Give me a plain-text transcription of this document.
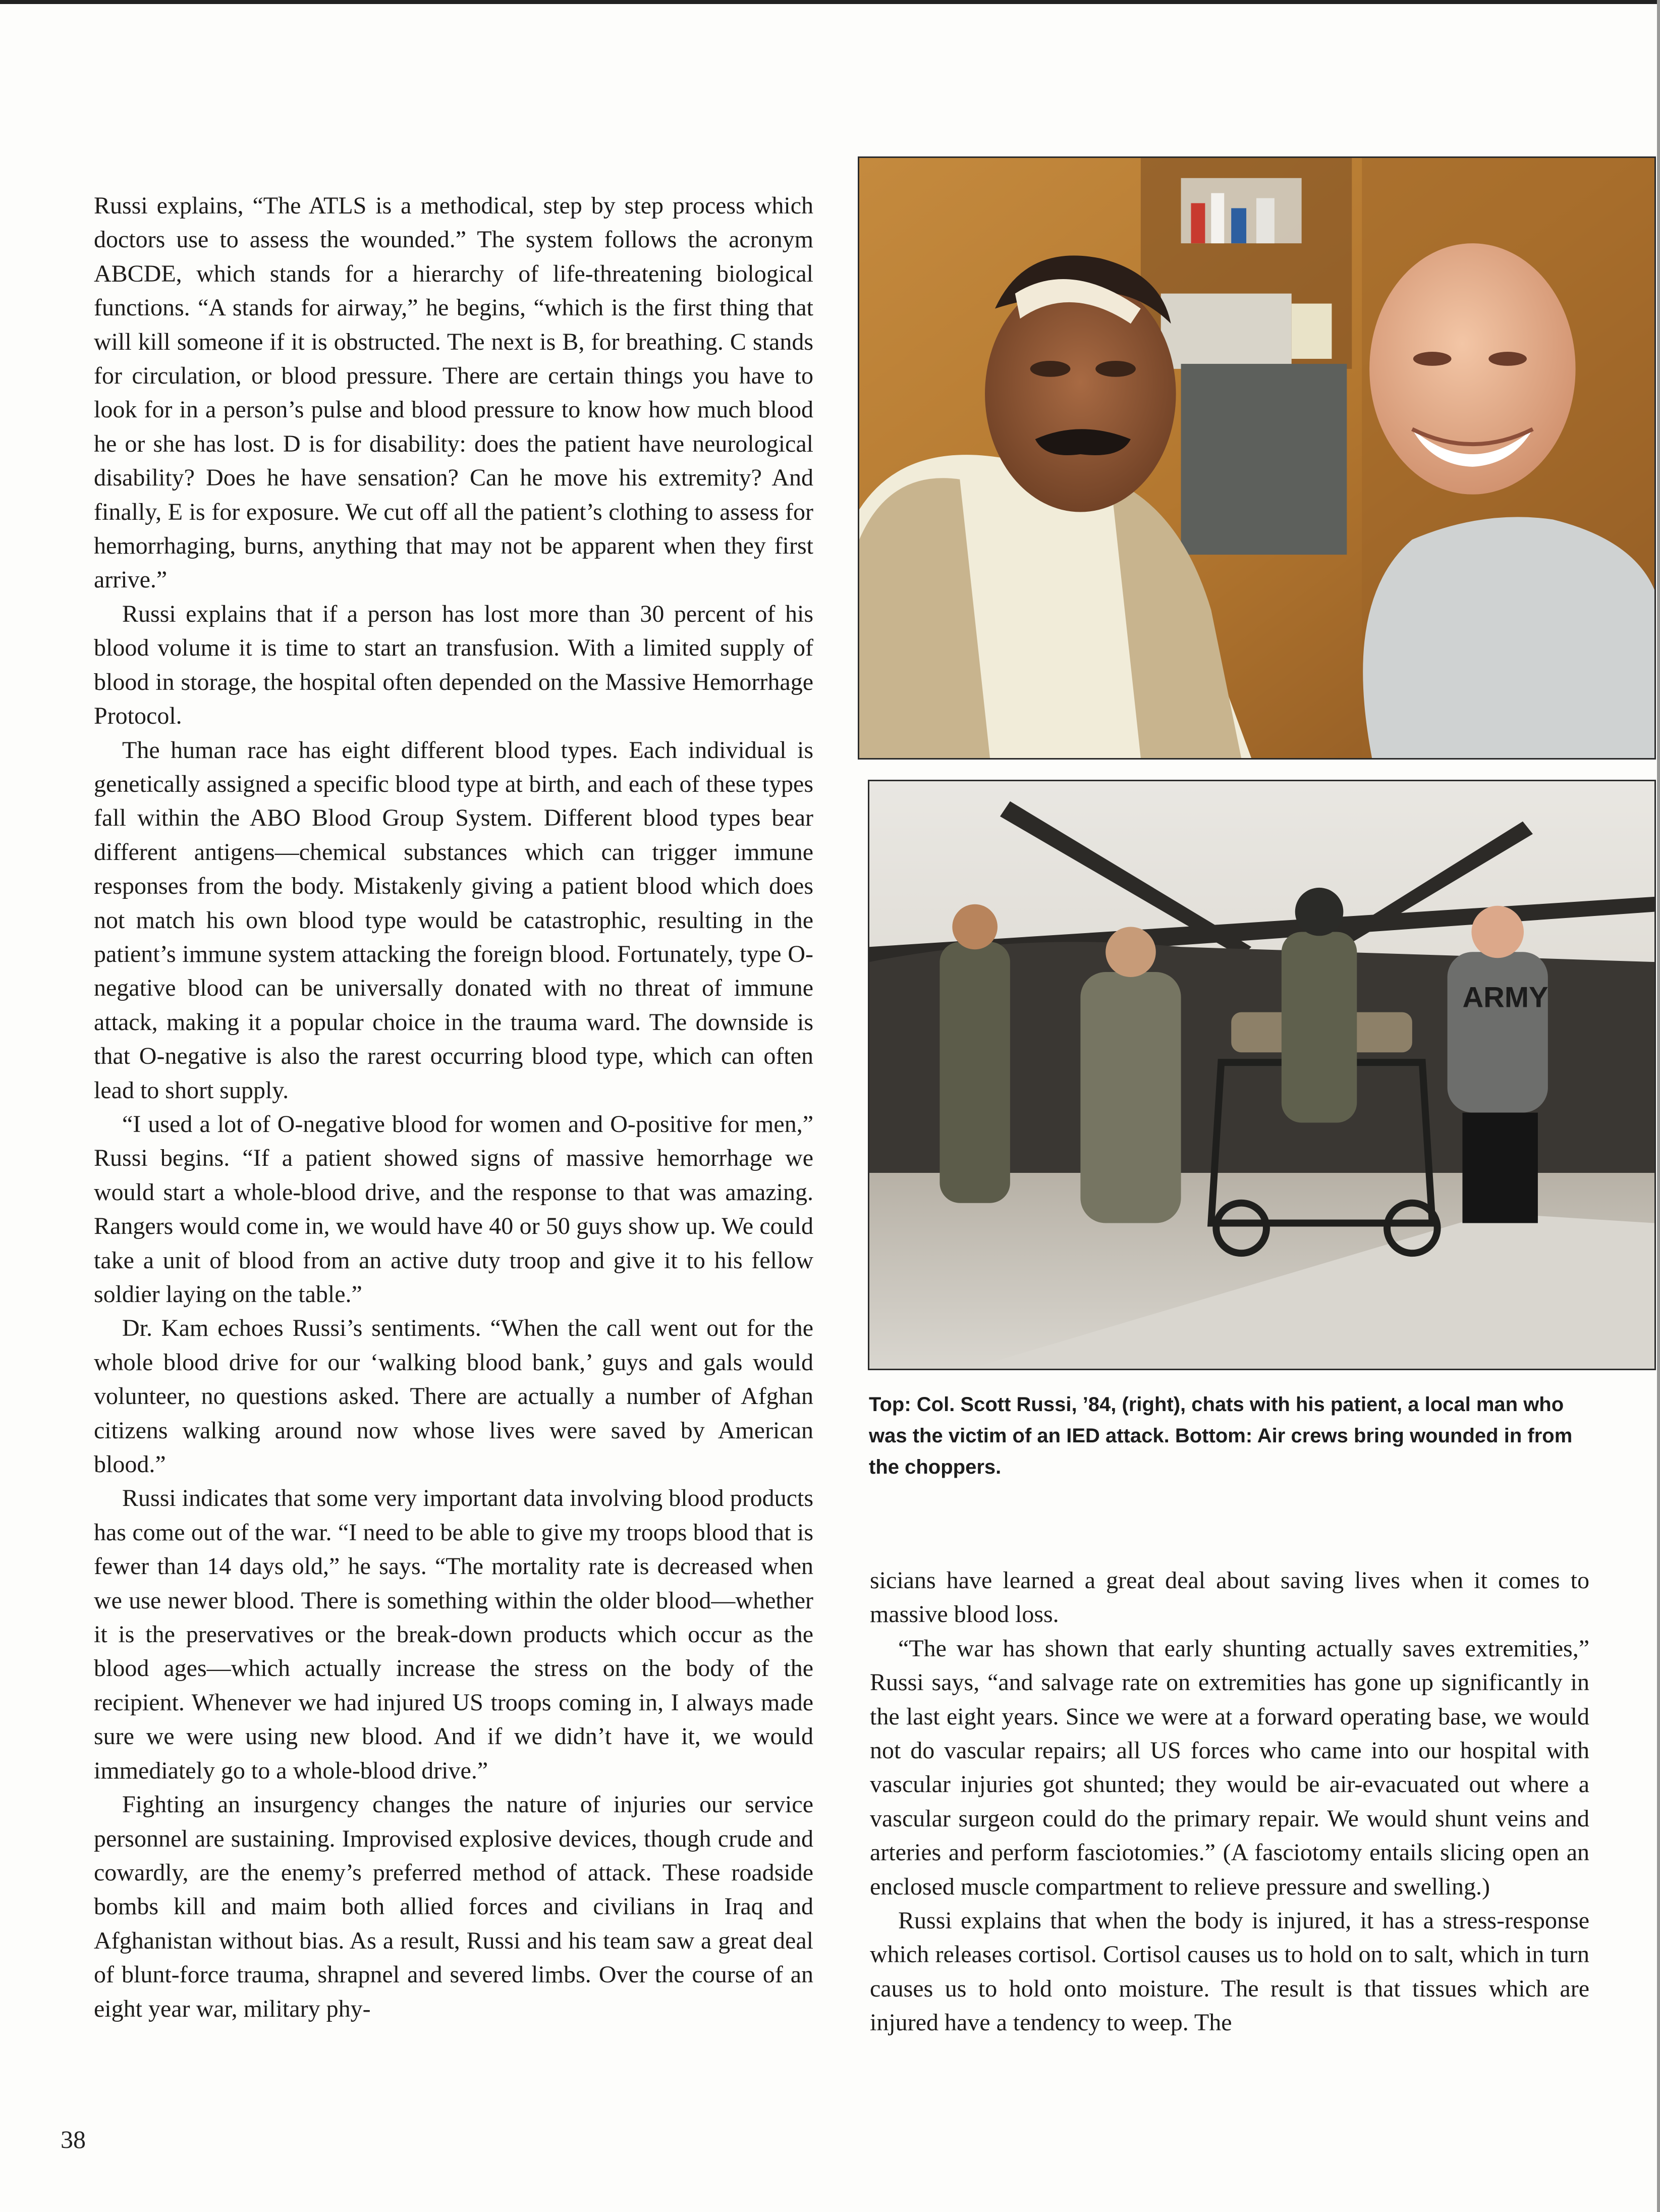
Russi explains, “The ATLS is a methodical, step by step process which doctors use to assess the wounded.” The system follows the acronym ABCDE, which stands for a hierarchy of life-threatening biological functions. “A stands for airway,” he begins, “which is the first thing that will kill someone if it is obstructed. The next is B, for breathing. C stands for circulation, or blood pressure. There are certain things you have to look for in a person’s pulse and blood pressure to know how much blood he or she has lost. D is for disability: does the patient have neurological disability? Does he have sensation? Can he move his extremity? And finally, E is for exposure. We cut off all the patient’s clothing to assess for hemorrhaging, burns, anything that may not be apparent when they first arrive.”

Russi explains that if a person has lost more than 30 percent of his blood volume it is time to start an transfusion. With a limited supply of blood in storage, the hospital often depended on the Massive Hemorrhage Protocol.

The human race has eight different blood types. Each individual is genetically assigned a specific blood type at birth, and each of these types fall within the ABO Blood Group System. Different blood types bear different antigens—chemical substances which can trigger immune responses from the body. Mistakenly giving a patient blood which does not match his own blood type would be catastrophic, resulting in the patient’s immune system attacking the foreign blood. Fortunately, type O-negative blood can be universally donated with no threat of immune attack, making it a popular choice in the trauma ward. The downside is that O-negative is also the rarest occurring blood type, which can often lead to short supply.

“I used a lot of O-negative blood for women and O-positive for men,” Russi begins. “If a patient showed signs of massive hemorrhage we would start a whole-blood drive, and the response to that was amazing. Rangers would come in, we would have 40 or 50 guys show up. We could take a unit of blood from an active duty troop and give it to his fellow soldier laying on the table.”

Dr. Kam echoes Russi’s sentiments. “When the call went out for the whole blood drive for our ‘walking blood bank,’ guys and gals would volunteer, no questions asked. There are actually a number of Afghan citizens walking around now whose lives were saved by American blood.”

Russi indicates that some very important data involving blood products has come out of the war. “I need to be able to give my troops blood that is fewer than 14 days old,” he says. “The mortality rate is decreased when we use newer blood. There is something within the older blood—whether it is the preservatives or the break-down products which occur as the blood ages—which actually increase the stress on the body of the recipient. Whenever we had injured US troops coming in, I always made sure we were using new blood. And if we didn’t have it, we would immediately go to a whole-blood drive.”

Fighting an insurgency changes the nature of injuries our service personnel are sustaining. Improvised explosive devices, though crude and cowardly, are the enemy’s preferred method of attack. These roadside bombs kill and maim both allied forces and civilians in Iraq and Afghanistan without bias. As a result, Russi and his team saw a great deal of blunt-force trauma, shrapnel and severed limbs. Over the course of an eight year war, military phy-

ARMY
Top: Col. Scott Russi, ’84, (right), chats with his patient, a local man who was the victim of an IED attack. Bottom: Air crews bring wounded in from the choppers.

sicians have learned a great deal about saving lives when it comes to massive blood loss.

“The war has shown that early shunting actually saves extremities,” Russi says, “and salvage rate on extremities has gone up significantly in the last eight years. Since we were at a forward operating base, we would not do vascular repairs; all US forces who came into our hospital with vascular injuries got shunted; they would be air-evacuated out where a vascular surgeon could do the primary repair. We would shunt veins and arteries and perform fasciotomies.” (A fasciotomy entails slicing open an enclosed muscle compartment to relieve pressure and swelling.)

Russi explains that when the body is injured, it has a stress-response which releases cortisol. Cortisol causes us to hold on to salt, which in turn causes us to hold onto moisture. The result is that tissues which are injured have a tendency to weep. The

38
